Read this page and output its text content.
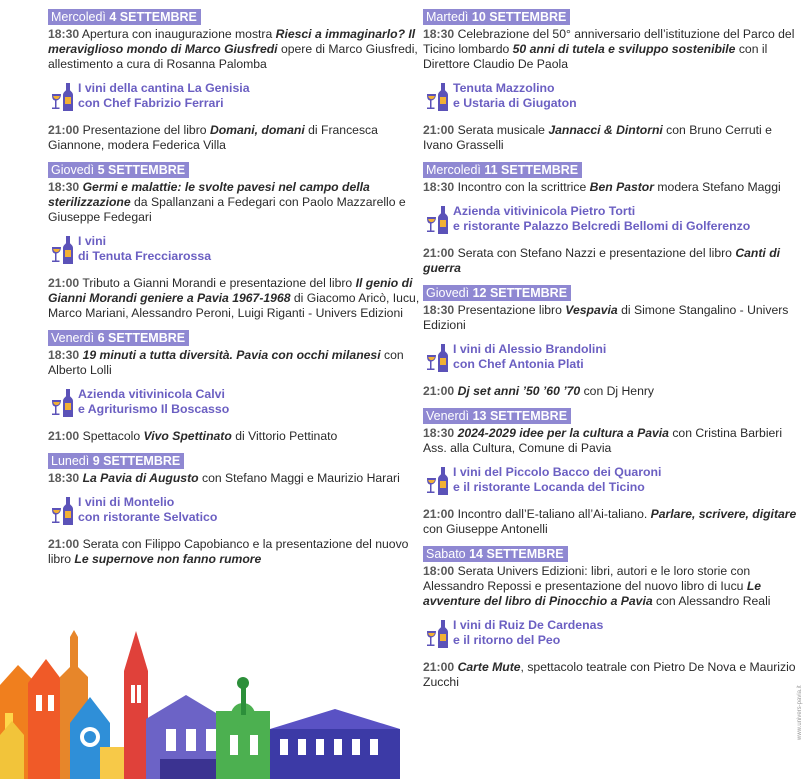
Mercoledì 4 SETTEMBRE
18:30 Apertura con inaugurazione mostra Riesci a immaginarlo? Il meraviglioso mondo di Marco Giusfredi opere di Marco Giusfredi, allestimento a cura di Rosanna Palomba
I vini della cantina La Genisia
con Chef Fabrizio Ferrari
21:00 Presentazione del libro Domani, domani di Francesca Giannone, modera Federica Villa
Giovedì 5 SETTEMBRE
18:30 Germi e malattie: le svolte pavesi nel campo della sterilizzazione da Spallanzani a Fedegari con Paolo Mazzarello e Giuseppe Fedegari
I vini
di Tenuta Frecciarossa
21:00 Tributo a Gianni Morandi e presentazione del libro Il genio di Gianni Morandi geniere a Pavia 1967-1968 di Giacomo Aricò, Iucu, Marco Mariani, Alessandro Peroni, Luigi Riganti - Univers Edizioni
Venerdì 6 SETTEMBRE
18:30 19 minuti a tutta diversità. Pavia con occhi milanesi con Alberto Lolli
Azienda vitivinicola Calvi
e Agriturismo Il Boscasso
21:00 Spettacolo Vivo Spettinato di Vittorio Pettinato
Lunedì 9 SETTEMBRE
18:30 La Pavia di Augusto con Stefano Maggi e Maurizio Harari
I vini di Montelio
con ristorante Selvatico
21:00 Serata con Filippo Capobianco e la presentazione del nuovo libro Le supernove non fanno rumore
Martedì 10 SETTEMBRE
18:30 Celebrazione del 50° anniversario dell’istituzione del Parco del Ticino lombardo 50 anni di tutela e sviluppo sostenibile con il Direttore Claudio De Paola
Tenuta Mazzolino
e Ustaria di Giugaton
21:00 Serata musicale Jannacci & Dintorni con Bruno Cerruti e Ivano Grasselli
Mercoledì 11 SETTEMBRE
18:30 Incontro con la scrittrice Ben Pastor modera Stefano Maggi
Azienda vitivinicola Pietro Torti
e ristorante Palazzo Belcredi Bellomi di Golferenzo
21:00 Serata con Stefano Nazzi e presentazione del libro Canti di guerra
Giovedì 12 SETTEMBRE
18:30 Presentazione libro Vespavia di Simone Stangalino - Univers Edizioni
I vini di Alessio Brandolini
con Chef Antonia Plati
21:00 Dj set anni ’50 ’60 ’70 con Dj Henry
Venerdì 13 SETTEMBRE
18:30 2024-2029 idee per la cultura a Pavia con Cristina Barbieri Ass. alla Cultura, Comune di Pavia
I vini del Piccolo Bacco dei Quaroni
e il ristorante Locanda del Ticino
21:00 Incontro dall’E-taliano all’Ai-taliano. Parlare, scrivere, digitare con Giuseppe Antonelli
Sabato 14 SETTEMBRE
18:00 Serata Univers Edizioni: libri, autori e le loro storie con Alessandro Repossi e presentazione del nuovo libro di Iucu Le avventure del libro di Pinocchio a Pavia con Alessandro Reali
I vini di Ruiz De Cardenas
e il ritorno del Peo
21:00 Carte Mute, spettacolo teatrale con Pietro De Nova e Maurizio Zucchi
www.univers-pavia.it
